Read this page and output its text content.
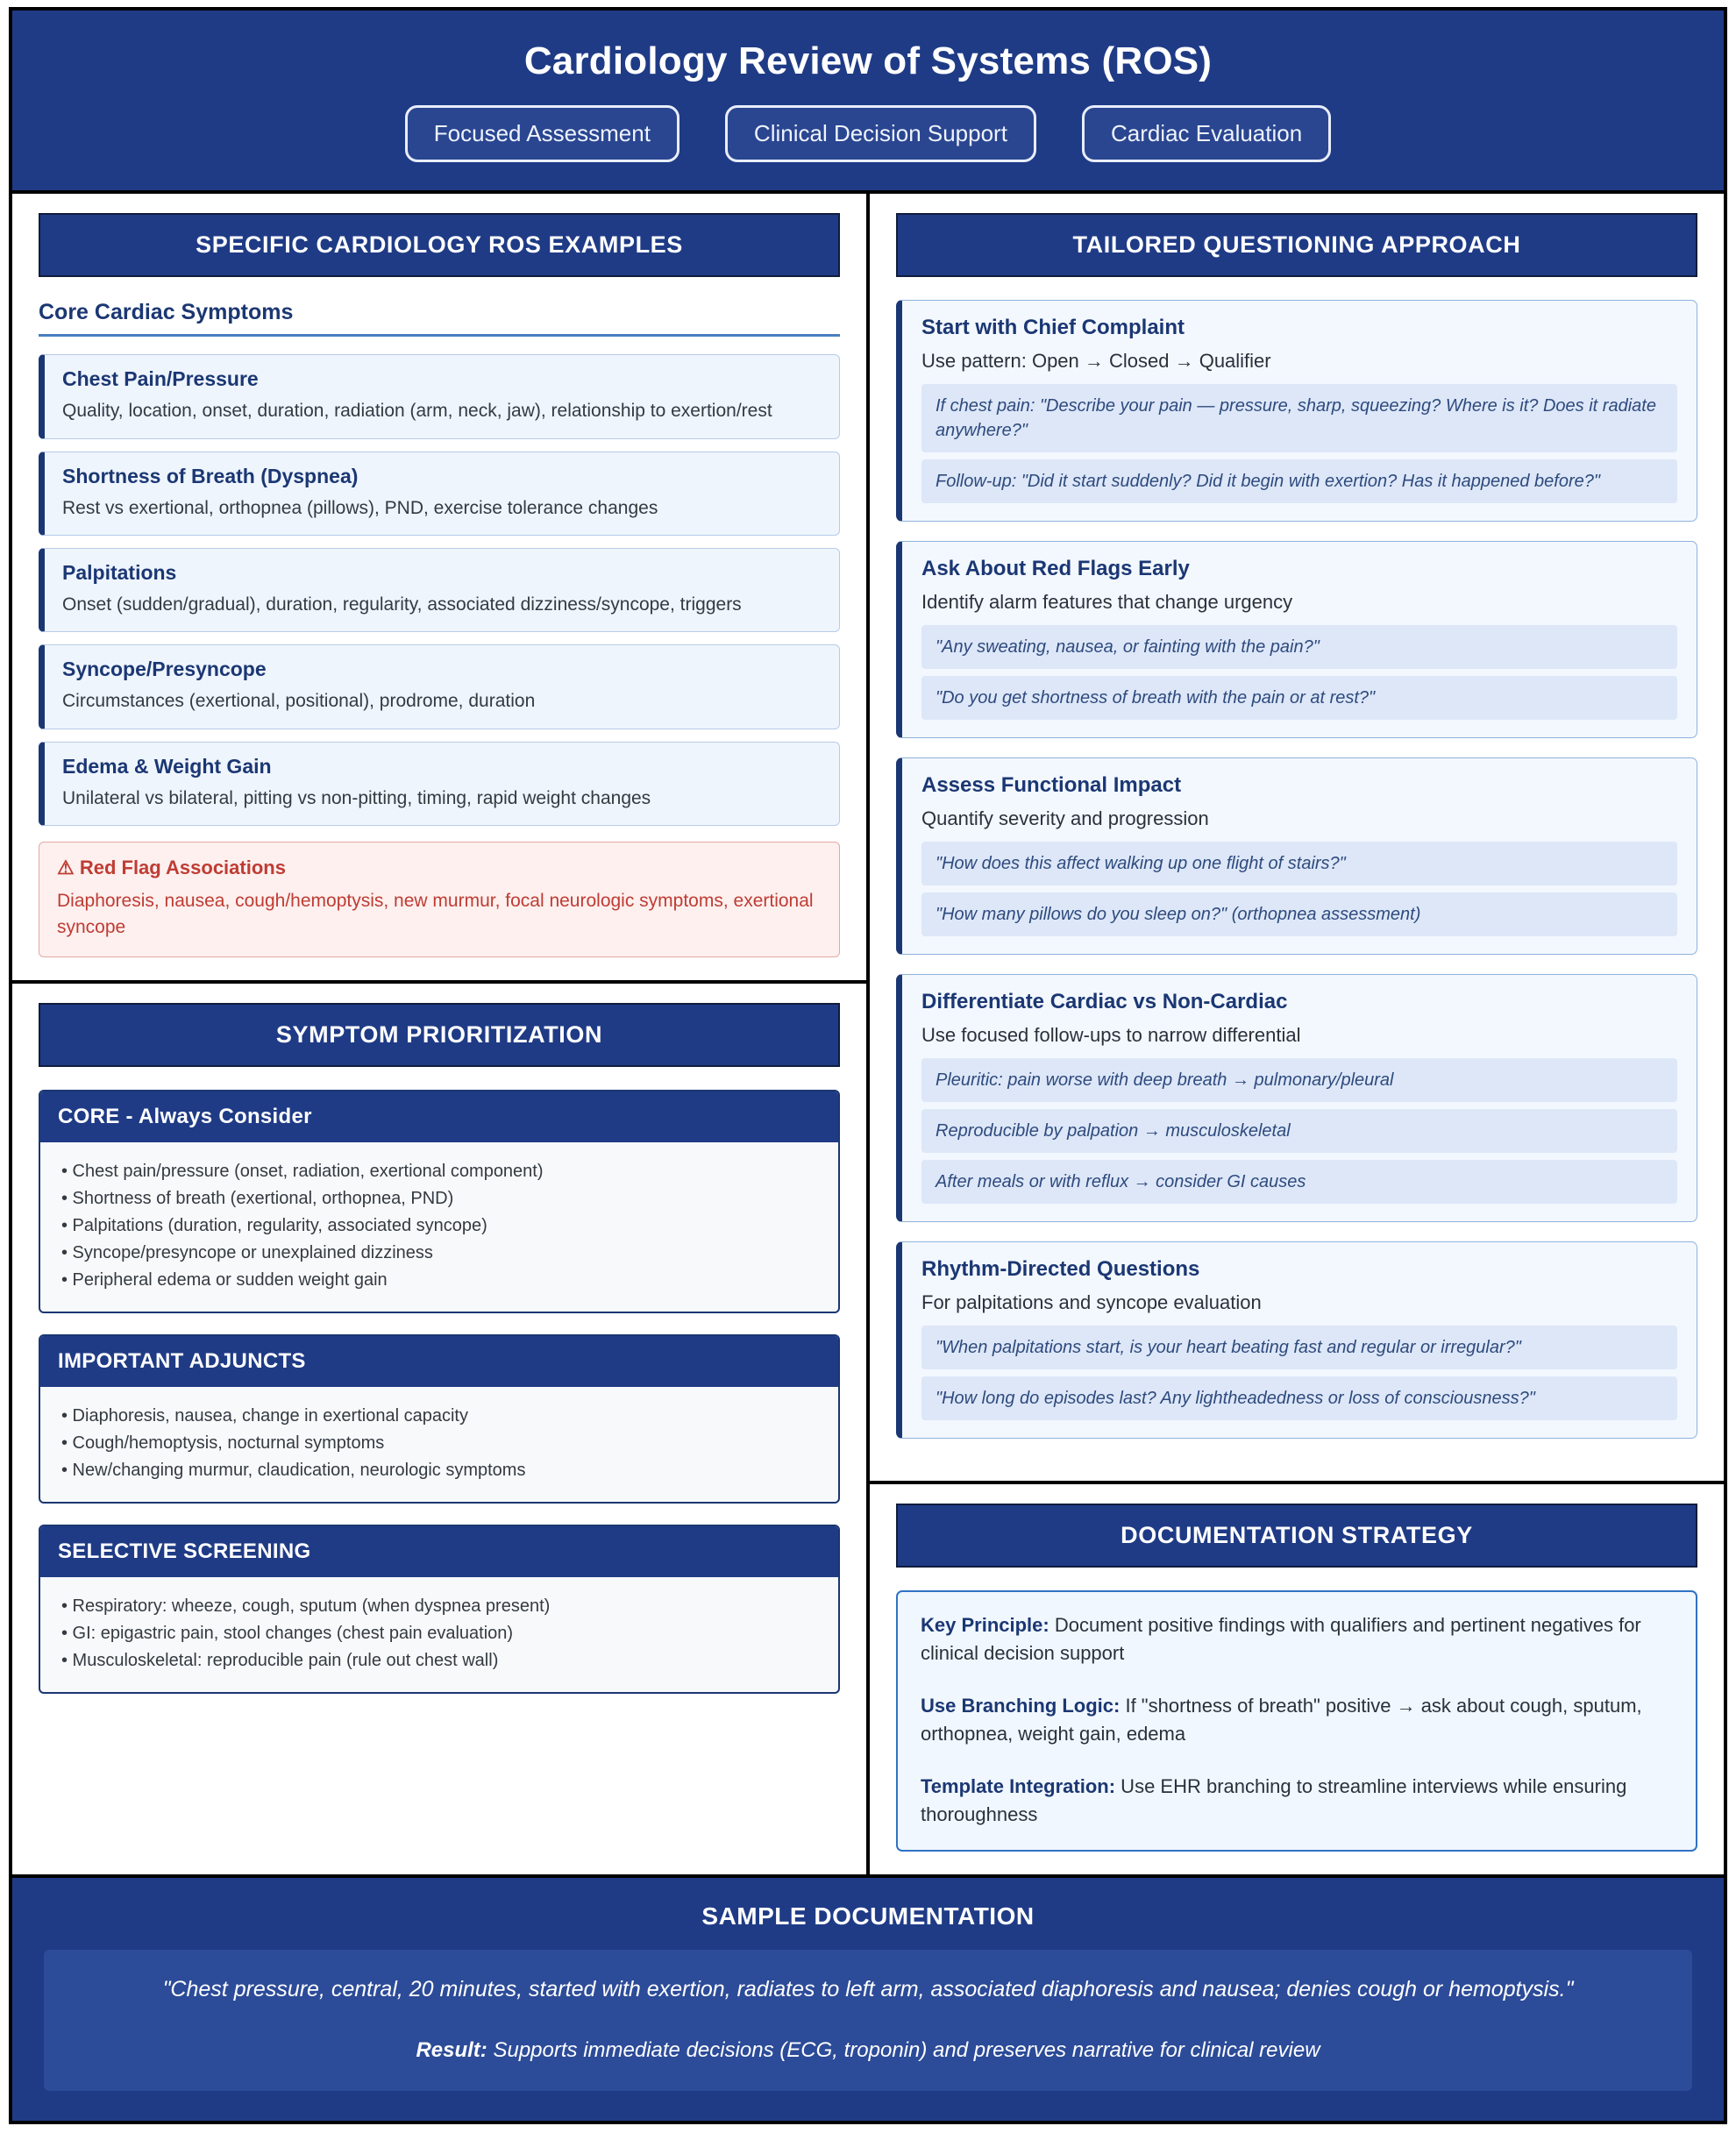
Cardiology Review of Systems (ROS)
Focused Assessment	Clinical Decision Support	Cardiac Evaluation
SPECIFIC CARDIOLOGY ROS EXAMPLES
Core Cardiac Symptoms
Chest Pain/Pressure
Quality, location, onset, duration, radiation (arm, neck, jaw), relationship to exertion/rest
Shortness of Breath (Dyspnea)
Rest vs exertional, orthopnea (pillows), PND, exercise tolerance changes
Palpitations
Onset (sudden/gradual), duration, regularity, associated dizziness/syncope, triggers
Syncope/Presyncope
Circumstances (exertional, positional), prodrome, duration
Edema & Weight Gain
Unilateral vs bilateral, pitting vs non-pitting, timing, rapid weight changes
⚠ Red Flag Associations
Diaphoresis, nausea, cough/hemoptysis, new murmur, focal neurologic symptoms, exertional syncope
SYMPTOM PRIORITIZATION
CORE - Always Consider
• Chest pain/pressure (onset, radiation, exertional component)
• Shortness of breath (exertional, orthopnea, PND)
• Palpitations (duration, regularity, associated syncope)
• Syncope/presyncope or unexplained dizziness
• Peripheral edema or sudden weight gain
IMPORTANT ADJUNCTS
• Diaphoresis, nausea, change in exertional capacity
• Cough/hemoptysis, nocturnal symptoms
• New/changing murmur, claudication, neurologic symptoms
SELECTIVE SCREENING
• Respiratory: wheeze, cough, sputum (when dyspnea present)
• GI: epigastric pain, stool changes (chest pain evaluation)
• Musculoskeletal: reproducible pain (rule out chest wall)
TAILORED QUESTIONING APPROACH
Start with Chief Complaint
Use pattern: Open → Closed → Qualifier
If chest pain: "Describe your pain — pressure, sharp, squeezing? Where is it? Does it radiate anywhere?"
Follow-up: "Did it start suddenly? Did it begin with exertion? Has it happened before?"
Ask About Red Flags Early
Identify alarm features that change urgency
"Any sweating, nausea, or fainting with the pain?"
"Do you get shortness of breath with the pain or at rest?"
Assess Functional Impact
Quantify severity and progression
"How does this affect walking up one flight of stairs?"
"How many pillows do you sleep on?" (orthopnea assessment)
Differentiate Cardiac vs Non-Cardiac
Use focused follow-ups to narrow differential
Pleuritic: pain worse with deep breath → pulmonary/pleural
Reproducible by palpation → musculoskeletal
After meals or with reflux → consider GI causes
Rhythm-Directed Questions
For palpitations and syncope evaluation
"When palpitations start, is your heart beating fast and regular or irregular?"
"How long do episodes last? Any lightheadedness or loss of consciousness?"
DOCUMENTATION STRATEGY
Key Principle: Document positive findings with qualifiers and pertinent negatives for clinical decision support
Use Branching Logic: If "shortness of breath" positive → ask about cough, sputum, orthopnea, weight gain, edema
Template Integration: Use EHR branching to streamline interviews while ensuring thoroughness
SAMPLE DOCUMENTATION
"Chest pressure, central, 20 minutes, started with exertion, radiates to left arm, associated diaphoresis and nausea; denies cough or hemoptysis."
Result: Supports immediate decisions (ECG, troponin) and preserves narrative for clinical review
